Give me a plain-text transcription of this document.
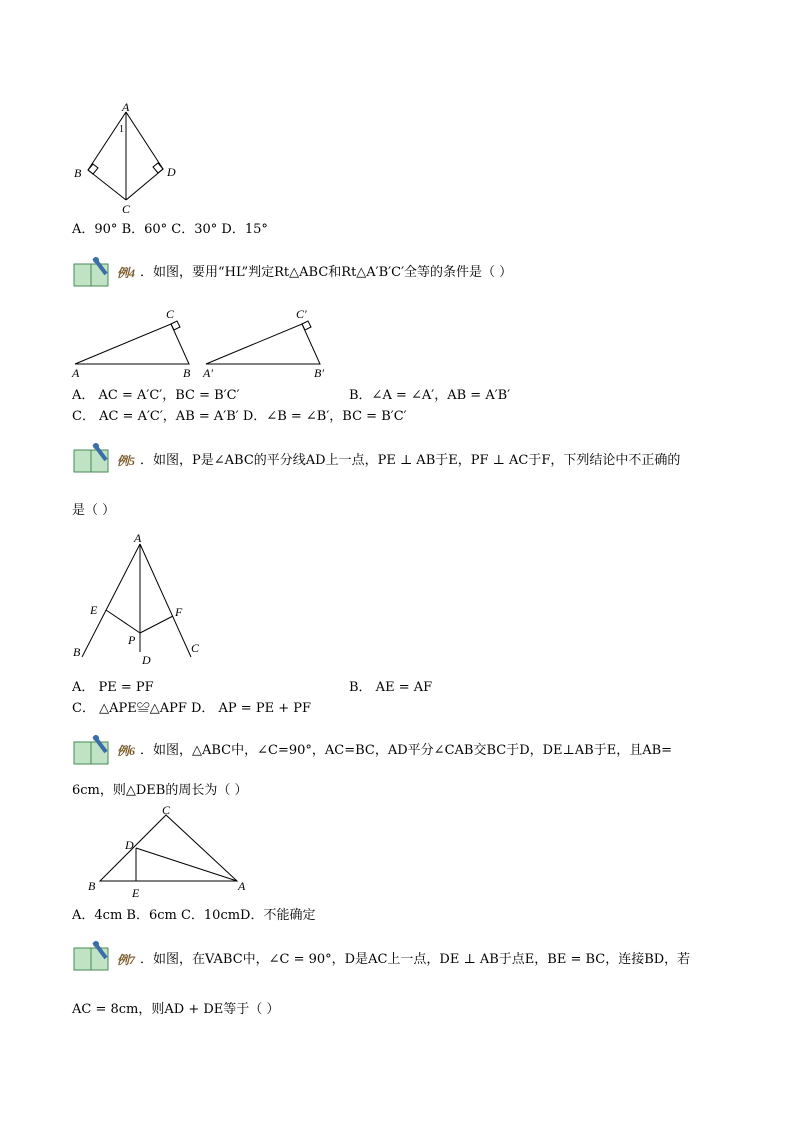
A
1
B	D
C
A．90° B．60° C．30° D．15°
例4 ．如图，要用“HL”判定Rt△ABC和Rt△A′B′C′全等的条件是（ ）
A	B
C
A′	B′
C′
A． AC = A′C′，BC = B′C′	B．∠A = ∠A′，AB = A′B′
C． AC = A′C′，AB = A′B′ D．∠B = ∠B′，BC = B′C′
例5 ．如图，P是∠ABC的平分线AD上一点，PE ⊥ AB于E，PF ⊥ AC于F，下列结论中不正确的
是（ ）
A
E	F
P
B
D
C
A． PE = PF	B． AE = AF
C． △APE≌△APF D． AP = PE + PF
例6 ．如图，△ABC中，∠C=90°，AC=BC，AD平分∠CAB交BC于D，DE⊥AB于E，且AB=
6cm，则△DEB的周长为（ ）
C
D
B	E	A
A．4cm B．6cm C．10cmD．不能确定
例7 ．如图，在VABC中，∠C = 90°，D是AC上一点，DE ⊥ AB于点E，BE = BC，连接BD，若
AC = 8cm，则AD + DE等于（ ）
